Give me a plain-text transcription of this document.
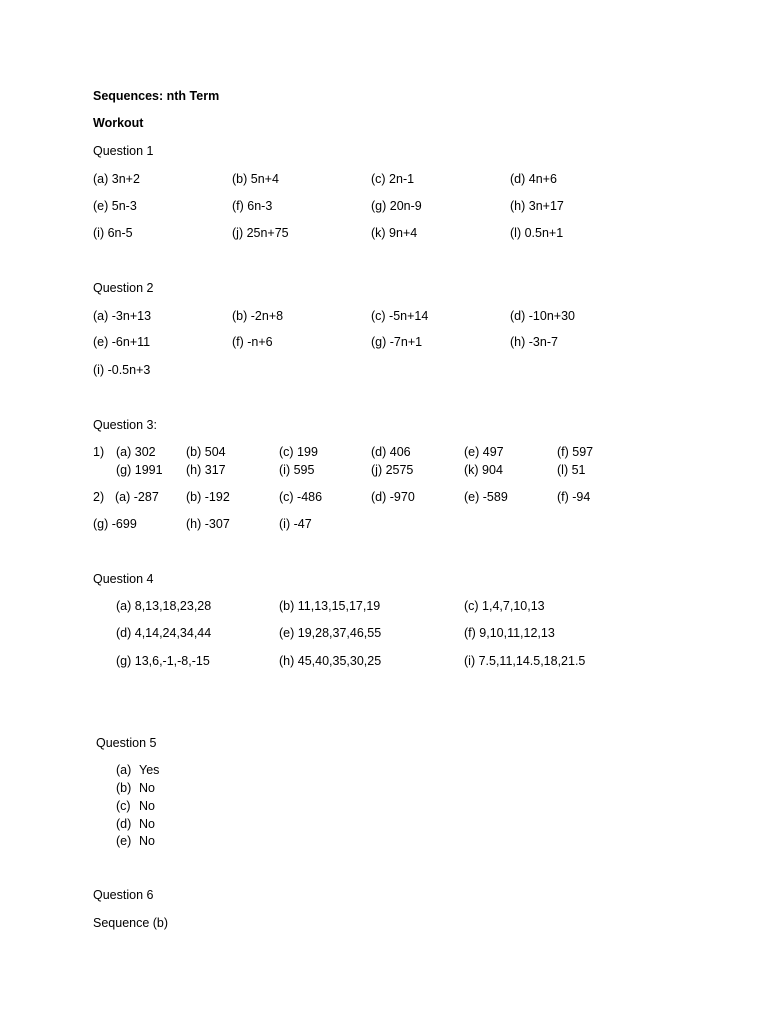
Sequences: nth Term
Workout
Question 1
(a) 3n+2	(b) 5n+4	(c) 2n-1	(d) 4n+6
(e) 5n-3	(f) 6n-3	(g) 20n-9	(h) 3n+17
(i) 6n-5	(j) 25n+75	(k) 9n+4	(l) 0.5n+1
Question 2
(a) -3n+13	(b) -2n+8	(c) -5n+14	(d) -10n+30
(e) -6n+11	(f) -n+6	(g) -7n+1	(h) -3n-7
(i) -0.5n+3
Question 3:
1) (a) 302 (b) 504	(c) 199	(d) 406	(e) 497	(f) 597
(g) 1991 (h) 317	(i) 595	(j) 2575	(k) 904	(l) 51
2) (a) -287 (b) -192	(c) -486	(d) -970	(e) -589	(f) -94
(g) -699	(h) -307	(i) -47
Question 4
(a) 8,13,18,23,28	(b) 11,13,15,17,19	(c) 1,4,7,10,13
(d) 4,14,24,34,44	(e) 19,28,37,46,55	(f) 9,10,11,12,13
(g) 13,6,-1,-8,-15	(h) 45,40,35,30,25	(i) 7.5,11,14.5,18,21.5
Question 5
(a) Yes
(b) No
(c) No
(d) No
(e) No
Question 6
Sequence (b)
